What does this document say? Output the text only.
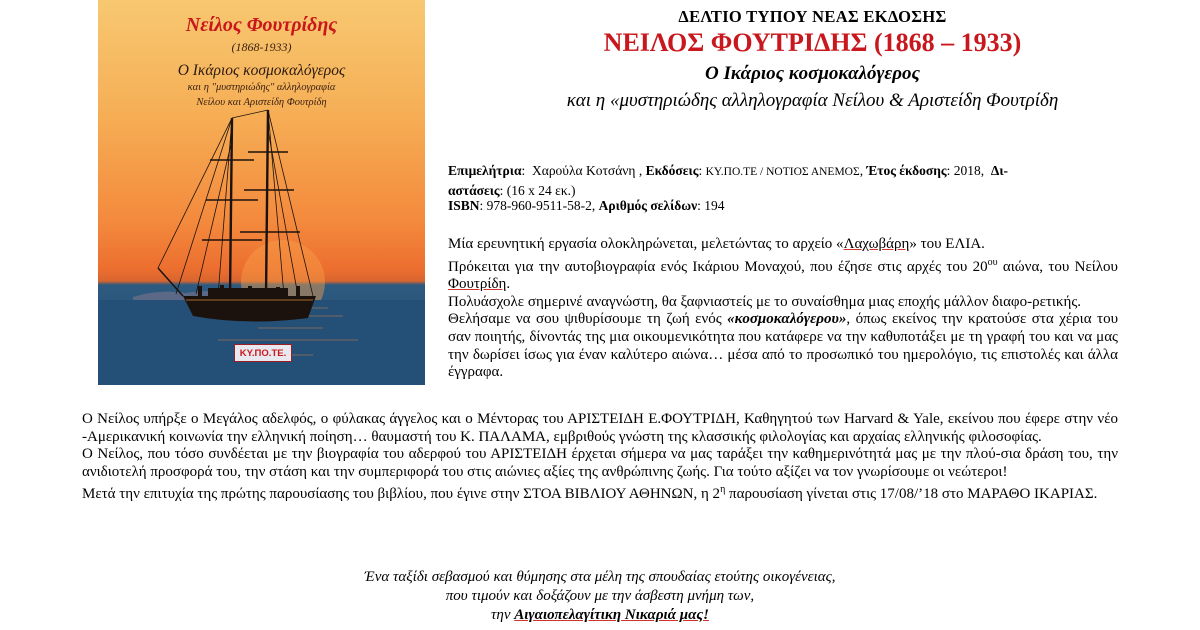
Νείλος Φουτρίδης
(1868-1933)
Ο Ικάριος κοσμοκαλόγερος
και η "μυστηριώδης" αλληλογραφία
Νείλου και Αριστείδη Φουτρίδη
ΚΥ.ΠΟ.ΤΕ.
ΔΕΛΤΙΟ ΤΥΠΟΥ ΝΕΑΣ ΕΚΔΟΣΗΣ
ΝΕΙΛΟΣ ΦΟΥΤΡΙΔΗΣ (1868 – 1933)
Ο Ικάριος κοσμοκαλόγερος
και η «μυστηριώδης αλληλογραφία Νείλου & Αριστείδη Φουτρίδη
Επιμελήτρια:  Χαρούλα Κοτσάνη , Εκδόσεις: ΚΥ.ΠΟ.ΤΕ / ΝΟΤΙΟΣ ΑΝΕΜΟΣ, Έτος έκδοσης: 2018,  Δι-
αστάσεις: (16 x 24 εκ.)
ISBN: 978-960-9511-58-2, Αριθμός σελίδων: 194

Μία ερευνητική εργασία ολοκληρώνεται, μελετώντας το αρχείο «Λαχωβάρη» του ΕΛΙΑ.

Πρόκειται για την αυτοβιογραφία ενός Ικάριου Μοναχού, που έζησε στις αρχές του $20^{o\upsilon}$ αιώνα, του Νείλου Φουτρίδη.

Πολυάσχολε σημερινέ αναγνώστη, θα ξαφνιαστείς με το συναίσθημα μιας εποχής μάλλον διαφο-ρετικής.

Θελήσαμε να σου ψιθυρίσουμε τη ζωή ενός «κοσμοκαλόγερου», όπως εκείνος την κρατούσε στα χέρια του σαν ποιητής, δίνοντάς της μια οικουμενικότητα που κατάφερε να την καθυποτάξει με τη γραφή του και να μας την δωρίσει ίσως για έναν καλύτερο αιώνα… μέσα από το προσωπικό του ημερολόγιο, τις επιστολές και άλλα έγγραφα.

Ο Νείλος υπήρξε ο Μεγάλος αδελφός, ο φύλακας άγγελος και ο Μέντορας του ΑΡΙΣΤΕΙΔΗ Ε.ΦΟΥΤΡΙΔΗ, Καθηγητού των Harvard & Yale, εκείνου που έφερε στην νέο -Αμερικανική κοινωνία την ελληνική ποίηση… θαυμαστή του Κ. ΠΑΛΑΜΑ, εμβριθούς γνώστη της κλασσικής φιλολογίας και αρχαίας ελληνικής φιλοσοφίας.

Ο Νείλος, που τόσο συνδέεται με την βιογραφία του αδερφού του ΑΡΙΣΤΕΙΔΗ έρχεται σήμερα να μας ταράξει την καθημερινότητά μας με την πλού-σια δράση του, την ανιδιοτελή προσφορά του, την στάση και την συμπεριφορά του στις αιώνιες αξίες της ανθρώπινης ζωής. Για τούτο αξίζει να τον γνωρίσουμε οι νεώτεροι!

Μετά την επιτυχία της πρώτης παρουσίασης του βιβλίου, που έγινε στην ΣΤΟΑ ΒΙΒΛΙΟΥ ΑΘΗΝΩΝ, η $2^\eta$ παρουσίαση γίνεται στις 17/08/’18 στο ΜΑΡΑΘΟ ΙΚΑΡΙΑΣ.

Ένα ταξίδι σεβασμού και θύμησης στα μέλη της σπουδαίας ετούτης οικογένειας,
που τιμούν και δοξάζουν με την άσβεστη μνήμη των,
την Αιγαιοπελαγίτικη Νικαριά μας!
